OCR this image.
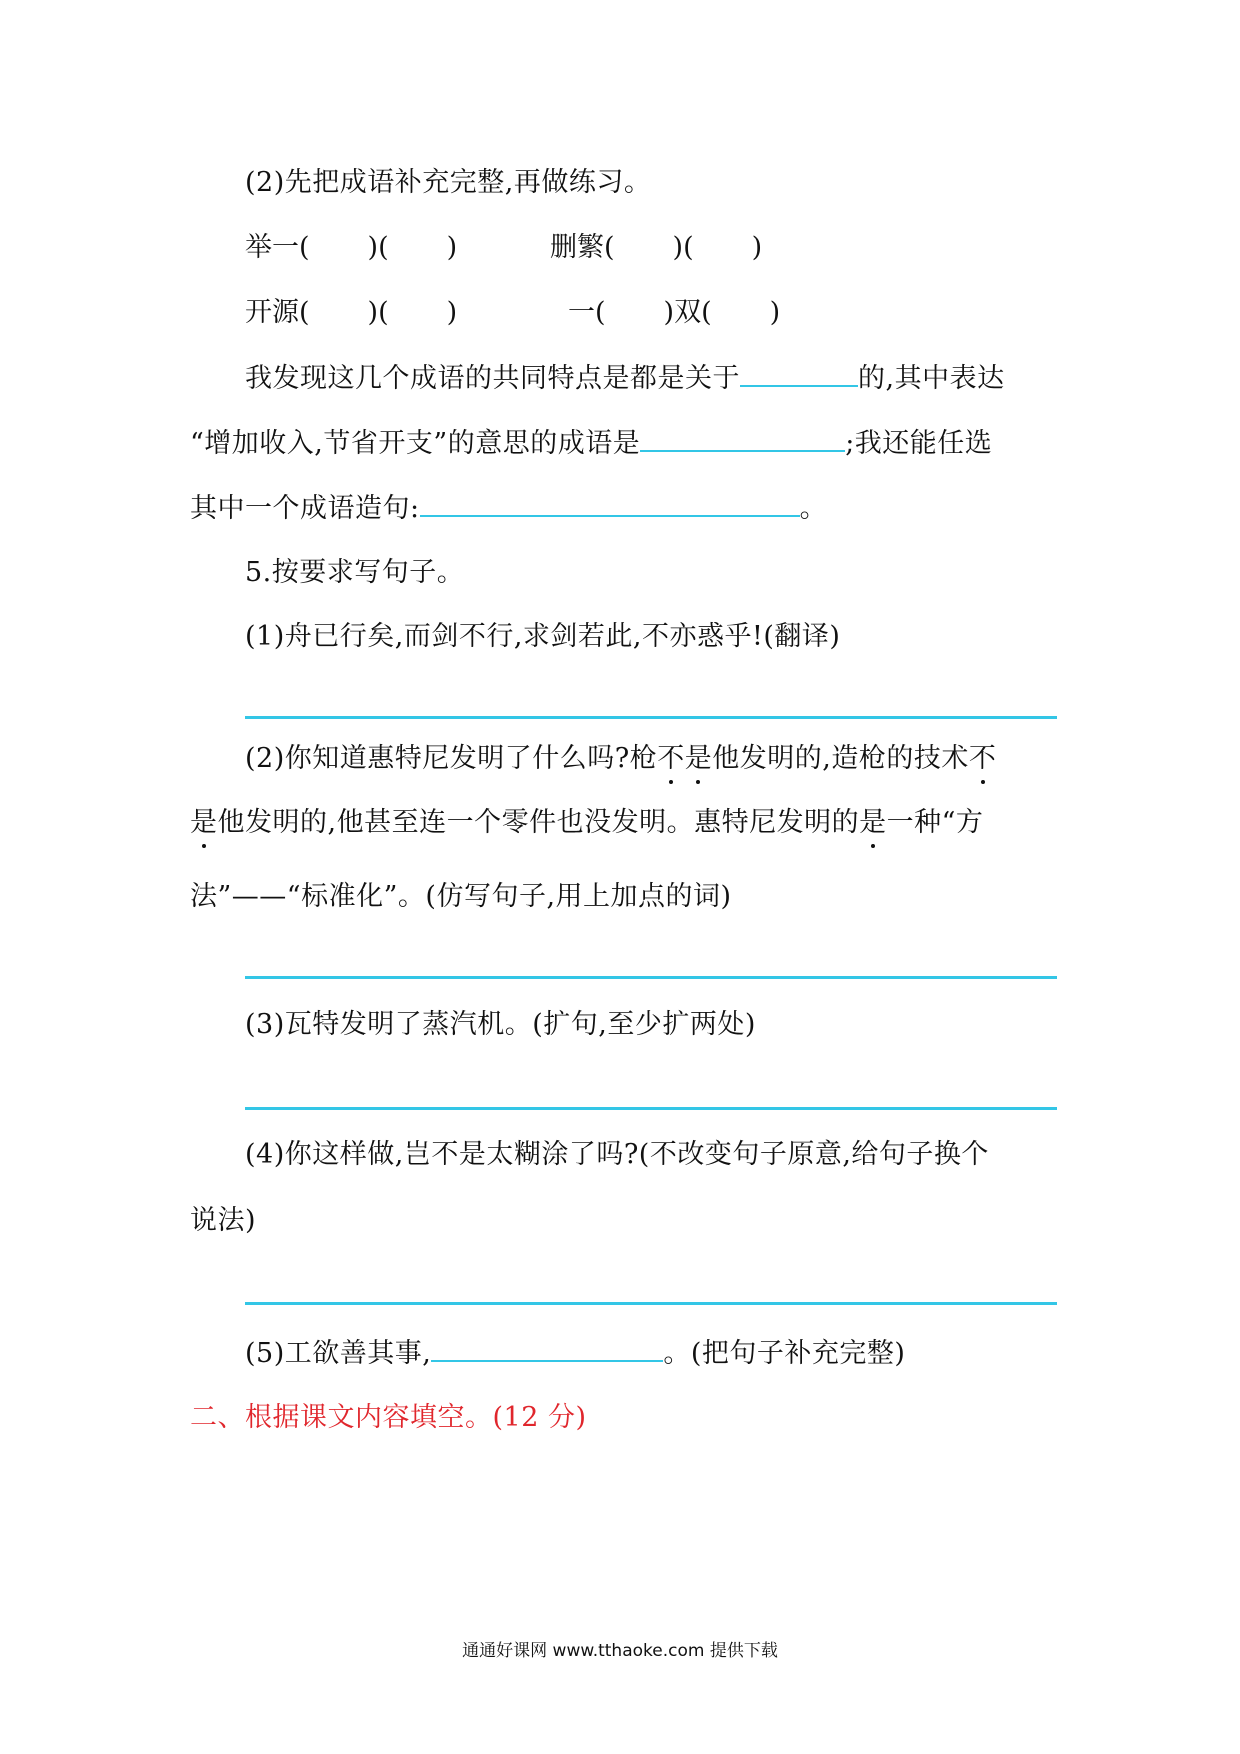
(2)先把成语补充完整,再做练习。
举一( )( )	删繁( )( )
开源( )( )	一( )双( )
我发现这几个成语的共同特点是都是关于	的,其中表达
“增加收入,节省开支”的意思的成语是	;我还能任选
其中一个成语造句:	。
5.按要求写句子。
(1)舟已行矣,而剑不行,求剑若此,不亦惑乎!(翻译)
(2)你知道惠特尼发明了什么吗?枪不是他发明的,造枪的技术不
是他发明的,他甚至连一个零件也没发明。惠特尼发明的是一种“方
法”——“标准化”。(仿写句子,用上加点的词)
(3)瓦特发明了蒸汽机。(扩句,至少扩两处)
(4)你这样做,岂不是太糊涂了吗?(不改变句子原意,给句子换个
说法)
(5)工欲善其事,	。(把句子补充完整)
二、根据课文内容填空。(12 分)
通通好课网 www.tthaoke.com 提供下载
